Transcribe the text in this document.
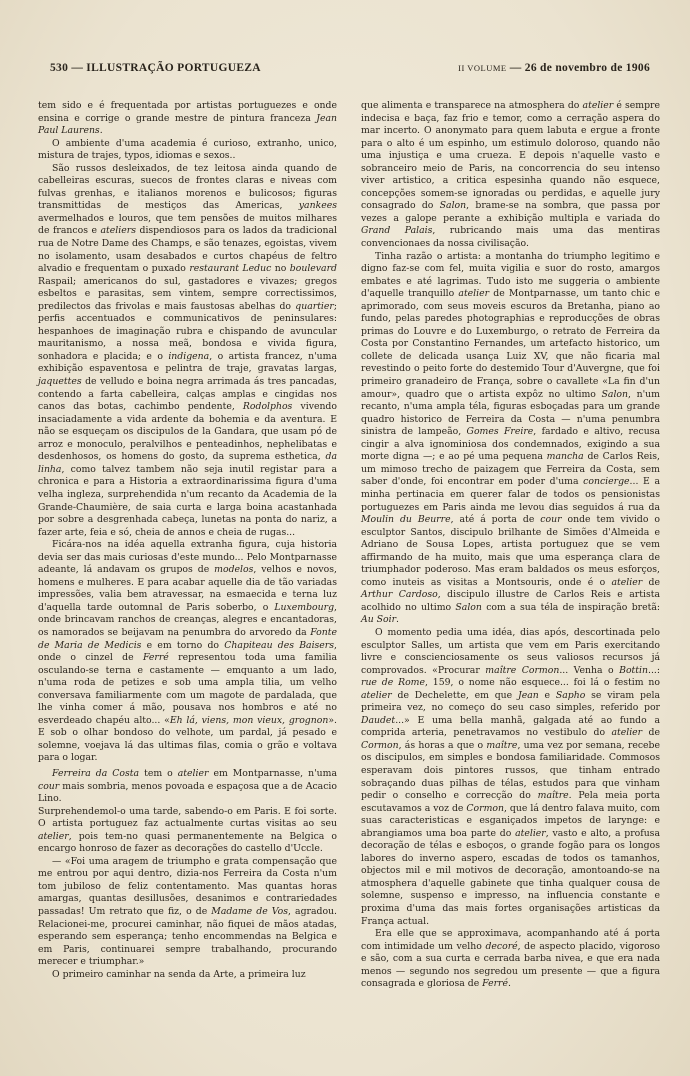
530 — ILLUSTRAÇÃO PORTUGUEZA	II VOLUME — 26 de novembro de 1906

tem sido e é frequentada por artistas portuguezes e onde ensina e corrige o grande mestre de pintura franceza Jean Paul Laurens.

O ambiente d'uma academia é curioso, extranho, unico, mistura de trajes, typos, idiomas e sexos..

São russos desleixados, de tez leitosa ainda quando de cabelleiras escuras, suecos de frontes claras e niveas com fulvas grenhas, e italianos morenos e bulicosos; figuras transmittidas de mestiços das Americas, yankees avermelhados e louros, que tem pensões de muitos milhares de francos e ateliers dispendiosos para os lados da tradicional rua de Notre Dame des Champs, e são tenazes, egoistas, vivem no isolamento, usam desabados e curtos chapéus de feltro alvadio e frequentam o puxado restaurant Leduc no boulevard Raspail; americanos do sul, gastadores e vivazes; gregos esbeltos e parasitas, sem vintem, sempre correctissimos, predilectos das frivolas e mais faustosas abelhas do quartier; perfis accentuados e communicativos de peninsulares: hespanhoes de imaginação rubra e chispando de avuncular mauritanismo, a nossa meã, bondosa e vivida figura, sonhadora e placida; e o indigena, o artista francez, n'uma exhibição espaventosa e pelintra de traje, gravatas largas, jaquettes de velludo e boina negra arrimada ás tres pancadas, contendo a farta cabelleira, calças amplas e cingidas nos canos das botas, cachimbo pendente, Rodolphos vivendo insaciadamente a vida ardente da bohemia e da aventura. E não se esqueçam os discipulos de la Gandara, que usam pó de arroz e monoculo, peralvilhos e penteadinhos, nephelibatas e desdenhosos, os homens do gosto, da suprema esthetica, da linha, como talvez tambem não seja inutil registar para a chronica e para a Historia a extraordinarissima figura d'uma velha ingleza, surprehendida n'um recanto da Academia de la Grande-Chaumière, de saia curta e larga boina acastanhada por sobre a desgrenhada cabeça, lunetas na ponta do nariz, a fazer arte, feia e só, cheia de annos e cheia de rugas...

Ficára-nos na idéa aquella extranha figura, cuja historia devia ser das mais curiosas d'este mundo... Pelo Montparnasse adeante, lá andavam os grupos de modelos, velhos e novos, homens e mulheres. E para acabar aquelle dia de tão variadas impressões, valia bem atravessar, na esmaecida e terna luz d'aquella tarde outomnal de Paris soberbo, o Luxembourg, onde brincavam ranchos de creanças, alegres e encantadoras, os namorados se beijavam na penumbra do arvoredo da Fonte de Maria de Medicis e em torno do Chapiteau des Baisers, onde o cinzel de Ferré representou toda uma familia osculando-se terna e castamente — emquanto a um lado, n'uma roda de petizes e sob uma ampla tilia, um velho conversava familiarmente com um magote de pardalada, que lhe vinha comer á mão, pousava nos hombros e até no esverdeado chapéu alto... «Eh lá, viens, mon vieux, grognon». E sob o olhar bondoso do velhote, um pardal, já pesado e solemne, voejava lá das ultimas filas, comia o grão e voltava para o logar.

Ferreira da Costa tem o atelier em Montparnasse, n'uma cour mais sombria, menos povoada e espaçosa que a de Acacio Lino.

Surprehendemol-o uma tarde, sabendo-o em Paris. E foi sorte. O artista portuguez faz actualmente curtas visitas ao seu atelier, pois tem-no quasi permanentemente na Belgica o encargo honroso de fazer as decorações do castello d'Uccle.

— «Foi uma aragem de triumpho e grata compensação que me entrou por aqui dentro, dizia-nos Ferreira da Costa n'um tom jubiloso de feliz contentamento. Mas quantas horas amargas, quantas desillusões, desanimos e contrariedades passadas! Um retrato que fiz, o de Madame de Vos, agradou. Relacionei-me, procurei caminhar, não fiquei de mãos atadas, esperando sem esperança; tenho encommendas na Belgica e em Paris, continuarei sempre trabalhando, procurando merecer e triumphar.»

O primeiro caminhar na senda da Arte, a primeira luz

que alimenta e transparece na atmosphera do atelier é sempre indecisa e baça, faz frio e temor, como a cerração aspera do mar incerto. O anonymato para quem labuta e ergue a fronte para o alto é um espinho, um estimulo doloroso, quando não uma injustiça e uma crueza. E depois n'aquelle vasto e sobranceiro meio de Paris, na concorrencia do seu intenso viver artistico, a critica espesinha quando não esquece, concepções somem-se ignoradas ou perdidas, e aquelle jury consagrado do Salon, brame-se na sombra, que passa por vezes a galope perante a exhibição multipla e variada do Grand Palais, rubricando mais uma das mentiras convencionaes da nossa civilisação.

Tinha razão o artista: a montanha do triumpho legitimo e digno faz-se com fel, muita vigilia e suor do rosto, amargos embates e até lagrimas. Tudo isto me suggeria o ambiente d'aquelle tranquillo atelier de Montparnasse, um tanto chic e aprimorado, com seus moveis escuros da Bretanha, piano ao fundo, pelas paredes photographias e reproducções de obras primas do Louvre e do Luxemburgo, o retrato de Ferreira da Costa por Constantino Fernandes, um artefacto historico, um collete de delicada usança Luiz XV, que não ficaria mal revestindo o peito forte do destemido Tour d'Auvergne, que foi primeiro granadeiro de França, sobre o cavallete «La fin d'un amour», quadro que o artista expôz no ultimo Salon, n'um recanto, n'uma ampla téla, figuras esboçadas para um grande quadro historico de Ferreira da Costa — n'uma penumbra sinistra de lampeão, Gomes Freire, fardado e altivo, recusa cingir a alva ignominiosa dos condemnados, exigindo a sua morte digna —; e ao pé uma pequena mancha de Carlos Reis, um mimoso trecho de paizagem que Ferreira da Costa, sem saber d'onde, foi encontrar em poder d'uma concierge... E a minha pertinacia em querer falar de todos os pensionistas portuguezes em Paris ainda me levou dias seguidos á rua da Moulin du Beurre, até á porta de cour onde tem vivido o esculptor Santos, discipulo brilhante de Simões d'Almeida e Adriano de Sousa Lopes, artista portuguez que se vem affirmando de ha muito, mais que uma esperança clara de triumphador poderoso. Mas eram baldados os meus esforços, como inuteis as visitas a Montsouris, onde é o atelier de Arthur Cardoso, discipulo illustre de Carlos Reis e artista acolhido no ultimo Salon com a sua téla de inspiração bretã: Au Soir.

O momento pedia uma idéa, dias após, descortinada pelo esculptor Salles, um artista que vem em Paris exercitando livre e conscienciosamente os seus valiosos recursos já comprovados. «Procurar maître Cormon... Venha o Bottin...: rue de Rome, 159, o nome não esquece... foi lá o festim no atelier de Dechelette, em que Jean e Sapho se viram pela primeira vez, no começo do seu caso simples, referido por Daudet...» E uma bella manhã, galgada até ao fundo a comprida arteria, penetravamos no vestibulo do atelier de Cormon, ás horas a que o maître, uma vez por semana, recebe os discipulos, em simples e bondosa familiaridade. Commosos esperavam dois pintores russos, que tinham entrado sobraçando duas pilhas de télas, estudos para que vinham pedir o conselho e correcção do maître. Pela meia porta escutavamos a voz de Cormon, que lá dentro falava muito, com suas caracteristicas e esganiçados impetos de larynge: e abrangiamos uma boa parte do atelier, vasto e alto, a profusa decoração de télas e esboços, o grande fogão para os longos labores do inverno aspero, escadas de todos os tamanhos, objectos mil e mil motivos de decoração, amontoando-se na atmosphera d'aquelle gabinete que tinha qualquer cousa de solemne, suspenso e impresso, na influencia constante e proxima d'uma das mais fortes organisações artisticas da França actual.

Era elle que se approximava, acompanhando até á porta com intimidade um velho decoré, de aspecto placido, vigoroso e são, com a sua curta e cerrada barba nivea, e que era nada menos — segundo nos segredou um presente — que a figura consagrada e gloriosa de Ferré.
